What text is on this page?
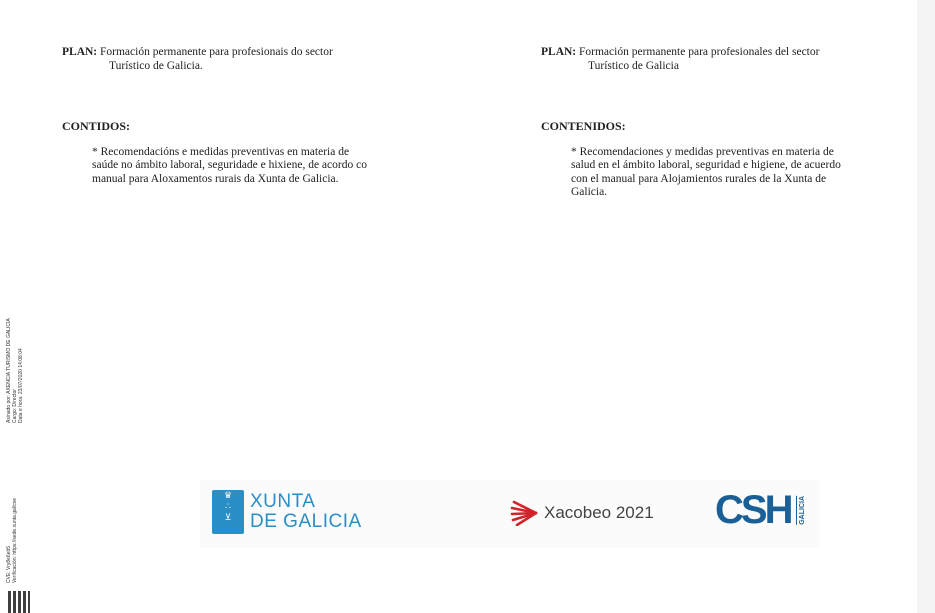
PLAN: Formación permanente para profesionais do sector
Turístico de Galicia.
CONTIDOS:
* Recomendacións e medidas preventivas en materia de saúde no ámbito laboral, seguridade e hixiene, de acordo co manual para Aloxamentos rurais da Xunta de Galicia.
PLAN: Formación permanente para profesionales del sector
Turístico de Galicia
CONTENIDOS:
* Recomendaciones y medidas preventivas en materia de salud en el ámbito laboral, seguridad e higiene, de acuerdo con el manual para Alojamientos rurales de la Xunta de Galicia.
Asinado por: AXENCIA TURISMO DE GALICIA Cargo: Director Data e hora: 23/07/2020 14:08:04
CVE: Vry8e6eb5 Verificación: https://sede.xunta.gal/cve
♛
∴
⊻
XUNTA
DE GALICIA	Xacobeo 2021 CSH	GALICIA
